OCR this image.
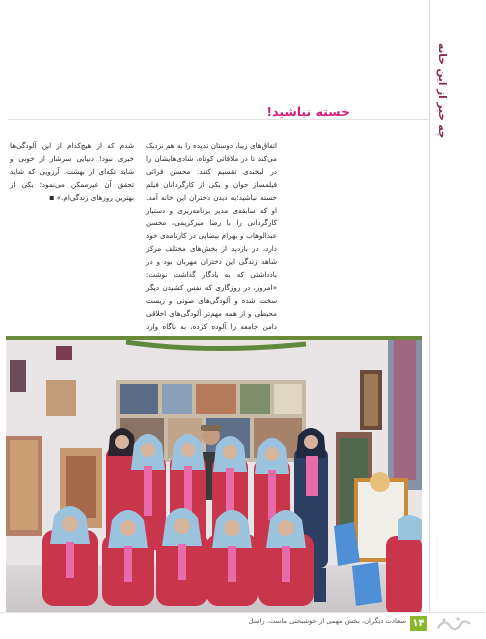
چه خبر از این خانه
— — — — — — — —
خسته نباشید!
اتفاق‌های زیبا، دوستان ندیده را به هم نزدیک می‌کند تا در ملاقاتی کوتاه، شادی‌هایشان را در لبخندی تقسیم کنند. محسن قرائی فیلمساز جوان و یکی از کارگردانان فیلم خسته نباشید؛به دیدن دختران این خانه آمد. او که سابقه‌ی مدیر برنامه‌ریزی و دستیار کارگردانی را با رضا میرکریمی، محسن عبدالوهاب و بهرام بیضایی در کارنامه‌ی خود دارد، در بازدید از بخش‌های مختلف مرکز شاهد زندگی این دختران مهربان بود و در یادداشتی که به یادگار گذاشت نوشت: «امروز، در روزگاری که نفس کشیدن دیگر سخت شده و آلودگی‌های صوتی و زیست محیطی و از همه مهم‌تر آلودگی‌های اخلاقی دامن جامعه را آلوده کرده، به ناگاه وارد
شدم که از هیچ‌کدام از این آلودگی‌ها خبری نبود! دنیایی سرشار از خوبی و شاید تکه‌ای از بهشت. آرزویی که شاید تحقق آن غیرممکن می‌نمود؛ یکی از بهترین روزهای زندگی‌ام.» ◾
۱۴
سعادت دیگران، بخش مهمی از خوشبختی ماست. راسل
